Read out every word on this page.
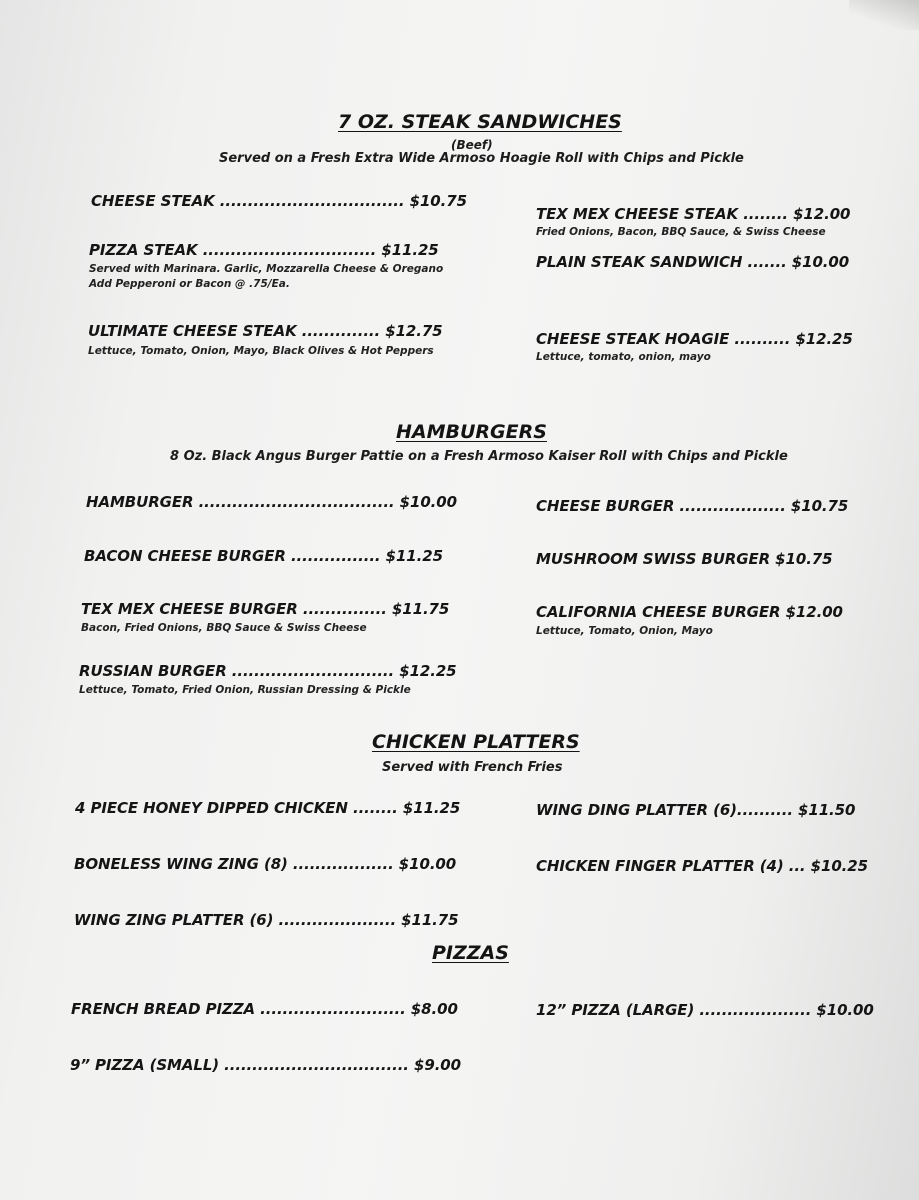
7 OZ. STEAK SANDWICHES
(Beef)
Served on a Fresh Extra Wide Armoso Hoagie Roll with Chips and Pickle
CHEESE STEAK ................................. $10.75
PIZZA STEAK ............................... $11.25
Served with Marinara. Garlic, Mozzarella Cheese & Oregano
Add Pepperoni or Bacon @ .75/Ea.
ULTIMATE CHEESE STEAK .............. $12.75
Lettuce, Tomato, Onion, Mayo, Black Olives & Hot Peppers
TEX MEX CHEESE STEAK ........ $12.00
Fried Onions, Bacon, BBQ Sauce, & Swiss Cheese
PLAIN STEAK SANDWICH ....... $10.00
CHEESE STEAK HOAGIE .......... $12.25
Lettuce, tomato, onion, mayo
HAMBURGERS
8 Oz. Black Angus Burger Pattie on a Fresh Armoso Kaiser Roll with Chips and Pickle
HAMBURGER ................................... $10.00
BACON CHEESE BURGER ................ $11.25
TEX MEX CHEESE BURGER ............... $11.75
Bacon, Fried Onions, BBQ Sauce & Swiss Cheese
RUSSIAN BURGER ............................. $12.25
Lettuce, Tomato, Fried Onion, Russian Dressing & Pickle
CHEESE BURGER ................... $10.75
MUSHROOM SWISS BURGER $10.75
CALIFORNIA CHEESE BURGER $12.00
Lettuce, Tomato, Onion, Mayo
CHICKEN PLATTERS
Served with French Fries
4 PIECE HONEY DIPPED CHICKEN ........ $11.25
BONELESS WING ZING (8) .................. $10.00
WING ZING PLATTER (6) ..................... $11.75
WING DING PLATTER (6).......... $11.50
CHICKEN FINGER PLATTER (4) ... $10.25
PIZZAS
FRENCH BREAD PIZZA .......................... $8.00
9” PIZZA (SMALL) ................................. $9.00
12” PIZZA (LARGE) .................... $10.00
